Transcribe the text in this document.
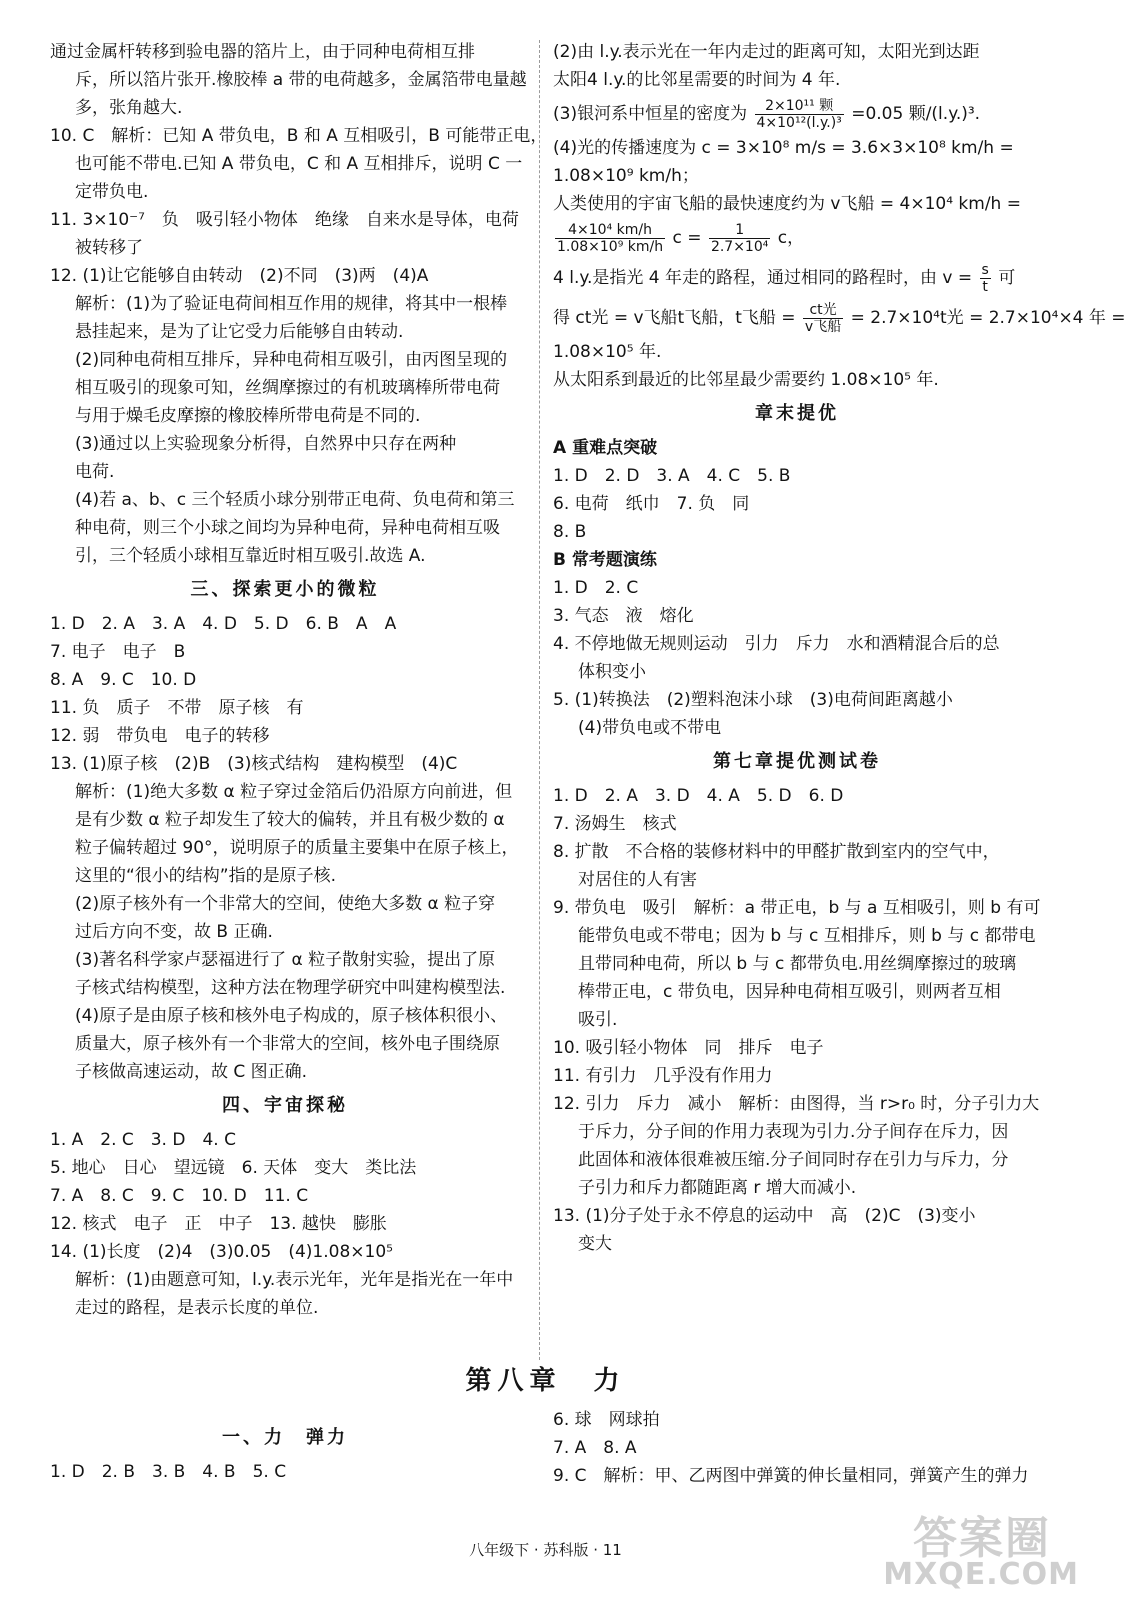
通过金属杆转移到验电器的箔片上，由于同种电荷相互排
斥，所以箔片张开.橡胶棒 a 带的电荷越多，金属箔带电量越
多，张角越大.
10. C　解析：已知 A 带负电，B 和 A 互相吸引，B 可能带正电，
也可能不带电.已知 A 带负电，C 和 A 互相排斥，说明 C 一
定带负电.
11. 3×10⁻⁷　负　吸引轻小物体　绝缘　自来水是导体，电荷
被转移了
12. (1)让它能够自由转动　(2)不同　(3)两　(4)A
解析：(1)为了验证电荷间相互作用的规律，将其中一根棒
悬挂起来，是为了让它受力后能够自由转动.
(2)同种电荷相互排斥，异种电荷相互吸引，由丙图呈现的
相互吸引的现象可知，丝绸摩擦过的有机玻璃棒所带电荷
与用于燥毛皮摩擦的橡胶棒所带电荷是不同的.
(3)通过以上实验现象分析得，自然界中只存在两种
电荷.
(4)若 a、b、c 三个轻质小球分别带正电荷、负电荷和第三
种电荷，则三个小球之间均为异种电荷，异种电荷相互吸
引，三个轻质小球相互靠近时相互吸引.故选 A.
三、探索更小的微粒
1. D　2. A　3. A　4. D　5. D　6. B　A　A
7. 电子　电子　B
8. A　9. C　10. D
11. 负　质子　不带　原子核　有
12. 弱　带负电　电子的转移
13. (1)原子核　(2)B　(3)核式结构　建构模型　(4)C
解析：(1)绝大多数 α 粒子穿过金箔后仍沿原方向前进，但
是有少数 α 粒子却发生了较大的偏转，并且有极少数的 α
粒子偏转超过 90°，说明原子的质量主要集中在原子核上，
这里的“很小的结构”指的是原子核.
(2)原子核外有一个非常大的空间，使绝大多数 α 粒子穿
过后方向不变，故 B 正确.
(3)著名科学家卢瑟福进行了 α 粒子散射实验，提出了原
子核式结构模型，这种方法在物理学研究中叫建构模型法.
(4)原子是由原子核和核外电子构成的，原子核体积很小、
质量大，原子核外有一个非常大的空间，核外电子围绕原
子核做高速运动，故 C 图正确.
四、宇宙探秘
1. A　2. C　3. D　4. C
5. 地心　日心　望远镜　6. 天体　变大　类比法
7. A　8. C　9. C　10. D　11. C
12. 核式　电子　正　中子　13. 越快　膨胀
14. (1)长度　(2)4　(3)0.05　(4)1.08×10⁵
解析：(1)由题意可知，l.y.表示光年，光年是指光在一年中
走过的路程，是表示长度的单位.
(2)由 l.y.表示光在一年内走过的距离可知，太阳光到达距
太阳4 l.y.的比邻星需要的时间为 4 年.
(3)银河系中恒星的密度为 $\frac{\text{2×10¹¹ 颗}}{\text{4×10¹²(l.y.)³}} =0.05$ 颗/(l.y.)³.
(4)光的传播速度为 c = 3×10⁸ m/s = 3.6×3×10⁸ km/h =
1.08×10⁹ km/h；
人类使用的宇宙飞船的最快速度约为 v飞船 = 4×10⁴ km/h =
$\frac{\text{4×10⁴ km/h}}{\text{1.08×10⁹ km/h}}$ $c = \frac{1}{\text{2.7×10⁴}}$ c，
4 l.y.是指光 4 年走的路程，通过相同的路程时，由 $v = \frac{s}{t}$ 可
得 ct光 = v飞船t飞船，t飞船 = $\frac{\text{ct光}}{\text{v飞船}} = 2.7\times 10^4t$光 = 2.7×10⁴×4 年 =
1.08×10⁵ 年.
从太阳系到最近的比邻星最少需要约 1.08×10⁵ 年.
章末提优
A 重难点突破
1. D　2. D　3. A　4. C　5. B
6. 电荷　纸巾　7. 负　同
8. B
B 常考题演练
1. D　2. C
3. 气态　液　熔化
4. 不停地做无规则运动　引力　斥力　水和酒精混合后的总
体积变小
5. (1)转换法　(2)塑料泡沫小球　(3)电荷间距离越小
(4)带负电或不带电
第七章提优测试卷
1. D　2. A　3. D　4. A　5. D　6. D
7. 汤姆生　核式
8. 扩散　不合格的装修材料中的甲醛扩散到室内的空气中，
对居住的人有害
9. 带负电　吸引　解析：a 带正电，b 与 a 互相吸引，则 b 有可
能带负电或不带电；因为 b 与 c 互相排斥，则 b 与 c 都带电
且带同种电荷，所以 b 与 c 都带负电.用丝绸摩擦过的玻璃
棒带正电，c 带负电，因异种电荷相互吸引，则两者互相
吸引.
10. 吸引轻小物体　同　排斥　电子
11. 有引力　几乎没有作用力
12. 引力　斥力　减小　解析：由图得，当 r>r₀ 时，分子引力大
于斥力，分子间的作用力表现为引力.分子间存在斥力，因
此固体和液体很难被压缩.分子间同时存在引力与斥力，分
子引力和斥力都随距离 r 增大而减小.
13. (1)分子处于永不停息的运动中　高　(2)C　(3)变小
变大
第八章　力
一、力　弹力
1. D　2. B　3. B　4. B　5. C
6. 球　网球拍
7. A　8. A
9. C　解析：甲、乙两图中弹簧的伸长量相同，弹簧产生的弹力
八年级下 · 苏科版 · 11	答案圈
MXQE.COM
